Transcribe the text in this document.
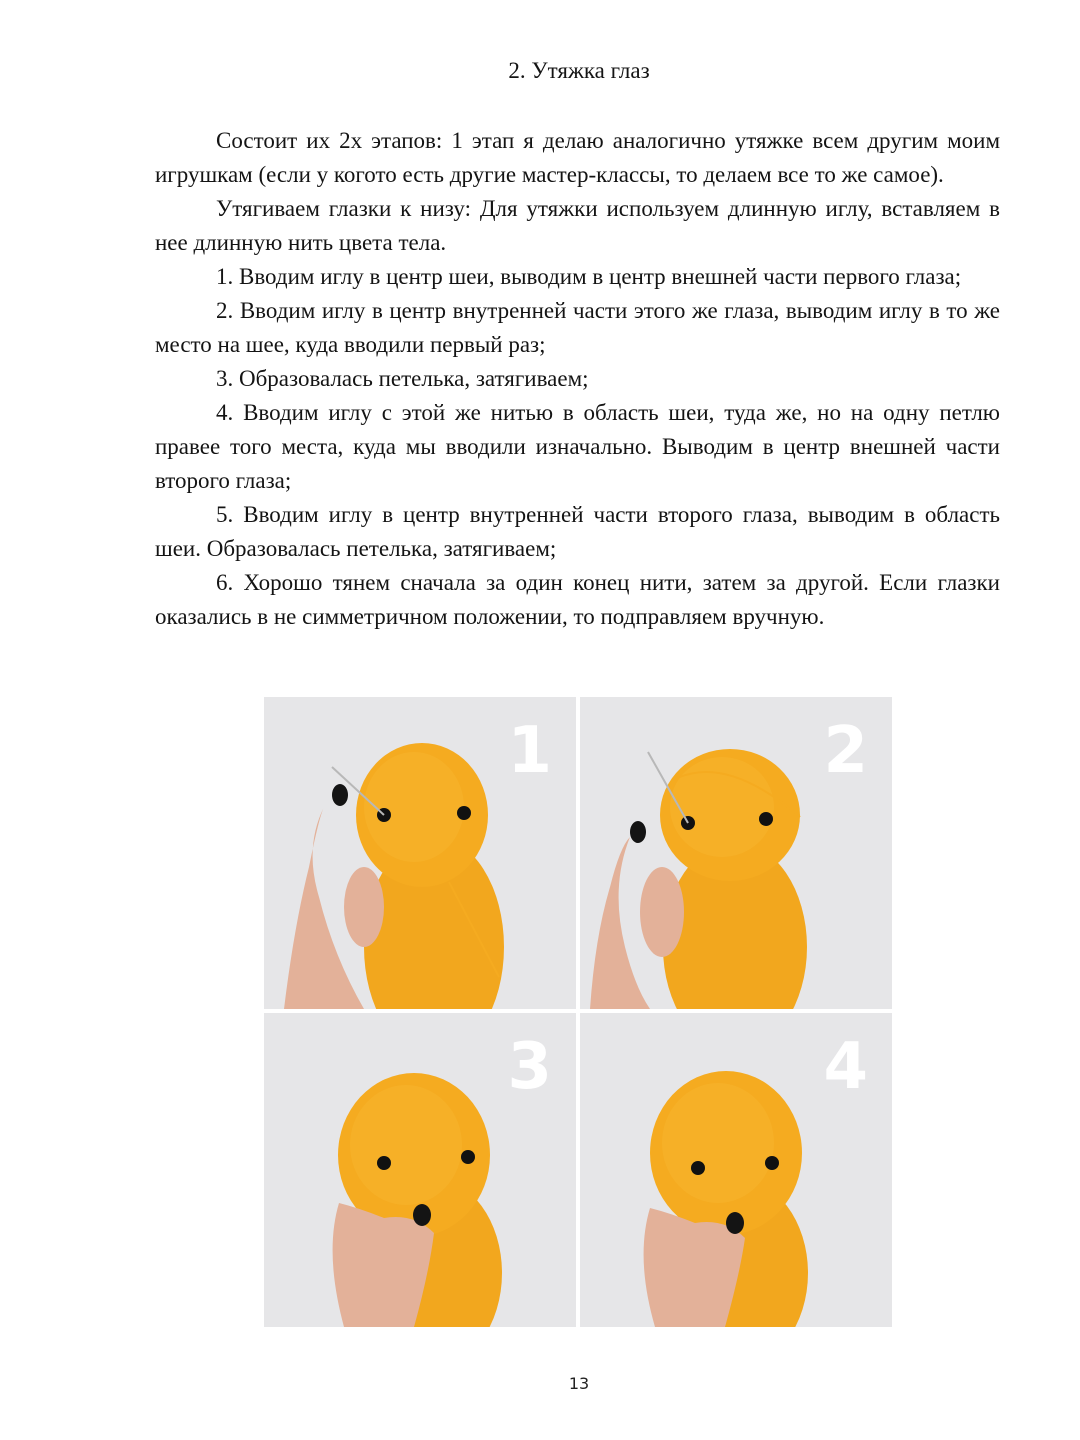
2. Утяжка глаз

Состоит их 2х этапов: 1 этап я делаю аналогично утяжке всем другим моим игрушкам (если у когото есть другие мастер-классы, то делаем все то же самое).

Утягиваем глазки к низу: Для утяжки используем длинную иглу, вставляем в нее длинную нить цвета тела.

1. Вводим иглу в центр шеи, выводим в центр внешней части первого глаза;

2. Вводим иглу в центр внутренней части этого же глаза, выводим иглу в то же место на шее, куда вводили первый раз;

3. Образовалась петелька, затягиваем;

4. Вводим иглу с этой же нитью в область шеи, туда же, но на одну петлю правее того места, куда мы вводили изначально. Выводим в центр внешней части второго глаза;

5. Вводим иглу в центр внутренней части второго глаза, выводим в область шеи. Образовалась петелька, затягиваем;

6. Хорошо тянем сначала за один конец нити, затем за другой. Если глазки оказались в не симметричном положении, то подправляем вручную.

1	2
3	4
13
